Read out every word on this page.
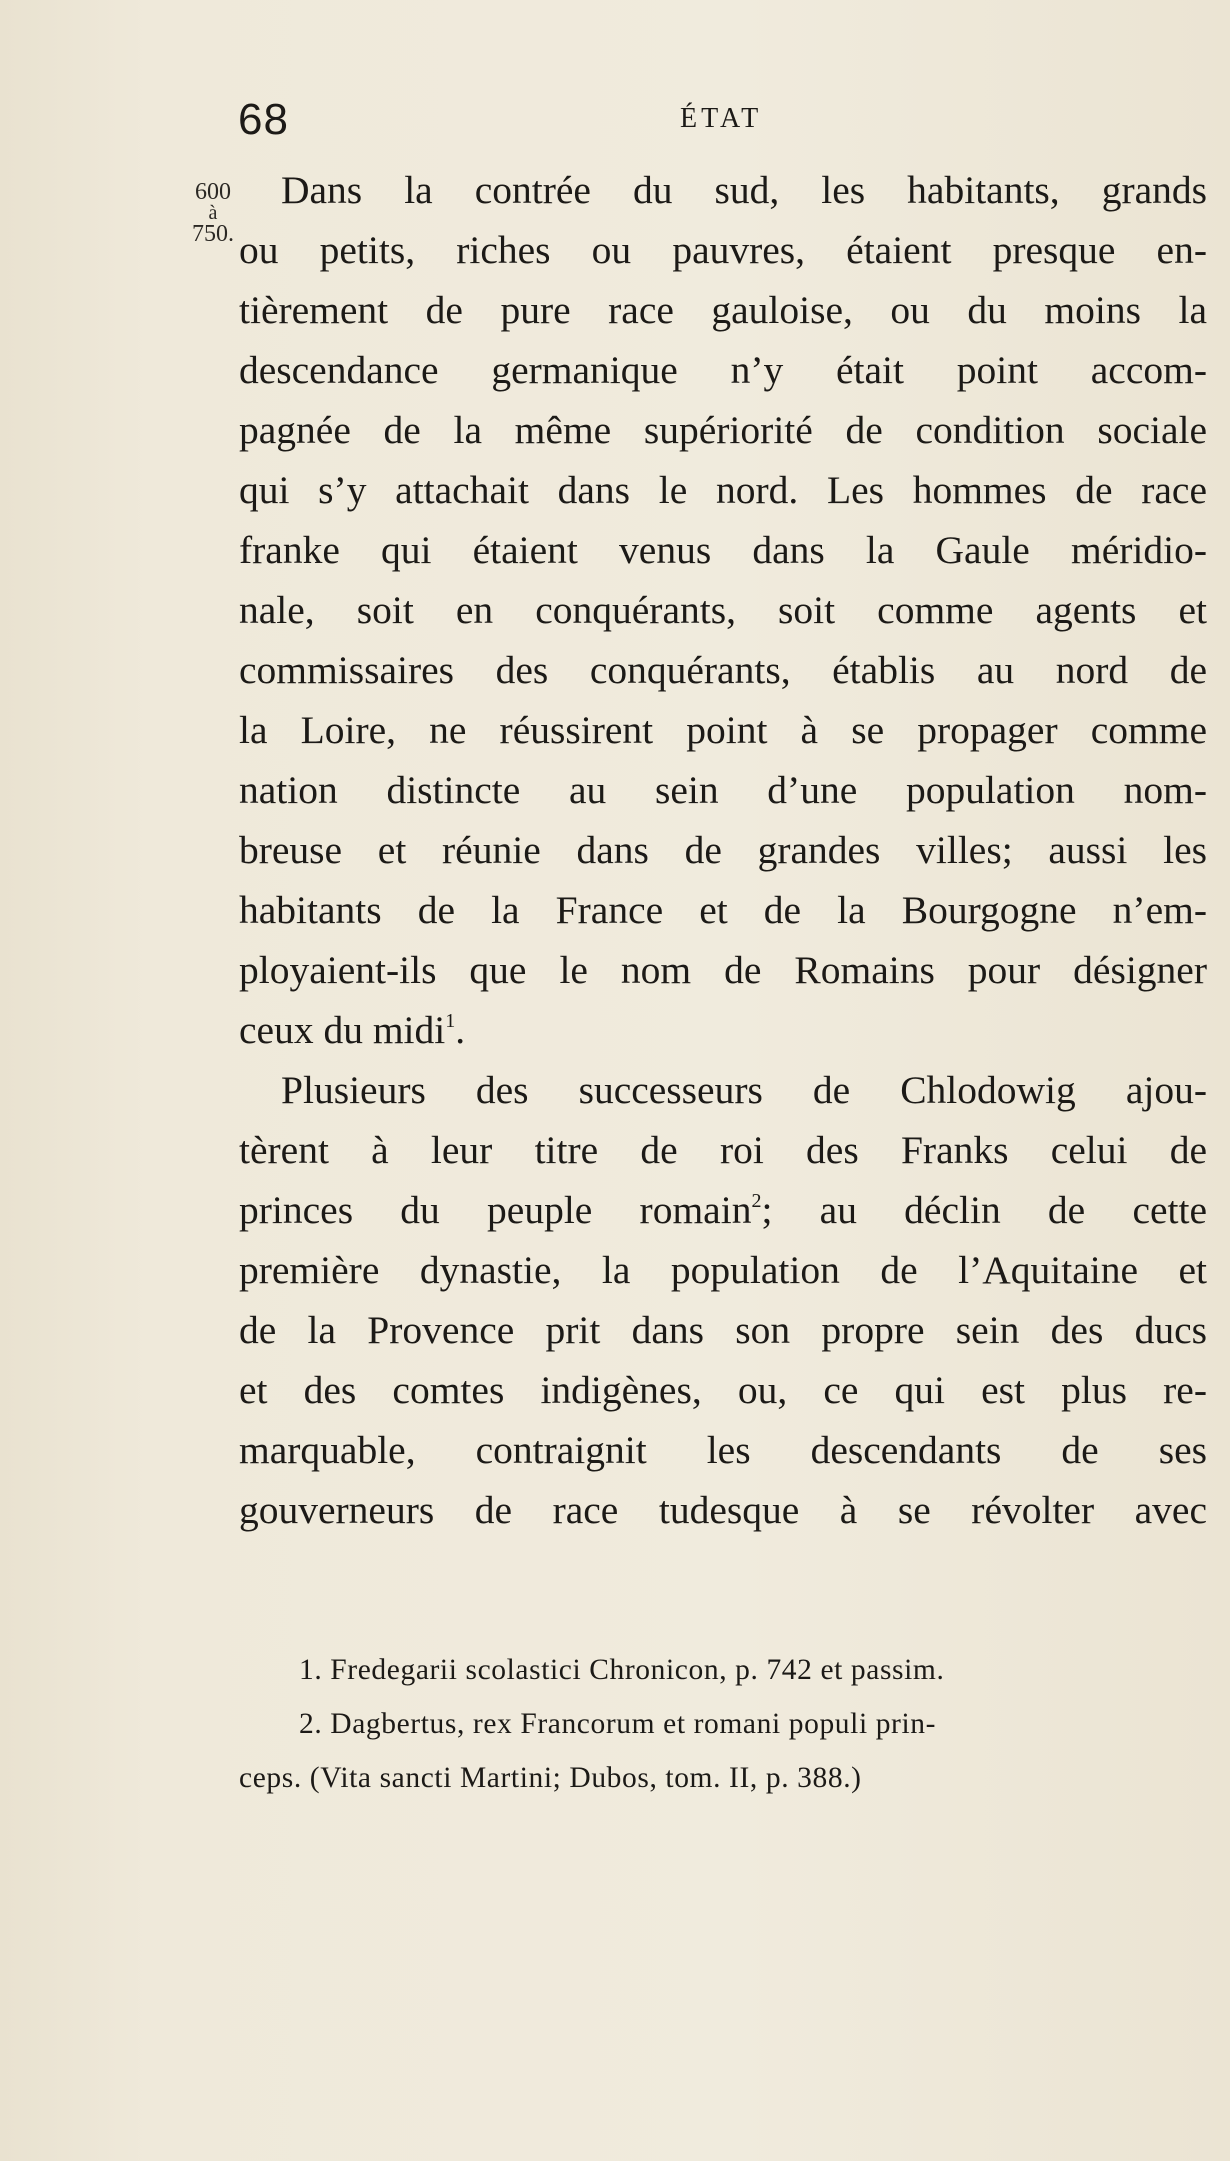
68	ÉTAT
600
à
750.
Dans la contrée du sud, les habitants, grands
ou petits, riches ou pauvres, étaient presque en-
tièrement de pure race gauloise, ou du moins la
descendance germanique n’y était point accom-
pagnée de la même supériorité de condition sociale
qui s’y attachait dans le nord. Les hommes de race
franke qui étaient venus dans la Gaule méridio-
nale, soit en conquérants, soit comme agents et
commissaires des conquérants, établis au nord de
la Loire, ne réussirent point à se propager comme
nation distincte au sein d’une population nom-
breuse et réunie dans de grandes villes; aussi les
habitants de la France et de la Bourgogne n’em-
ployaient-ils que le nom de Romains pour désigner
ceux du midi$^1$.
Plusieurs des successeurs de Chlodowig ajou-
tèrent à leur titre de roi des Franks celui de
princes du peuple romain$^2$; au déclin de cette
première dynastie, la population de l’Aquitaine et
de la Provence prit dans son propre sein des ducs
et des comtes indigènes, ou, ce qui est plus re-
marquable, contraignit les descendants de ses
gouverneurs de race tudesque à se révolter avec
1. Fredegarii scolastici Chronicon, p. 742 et passim.
2. Dagbertus, rex Francorum et romani populi prin-
ceps. (Vita sancti Martini; Dubos, tom. II, p. 388.)
